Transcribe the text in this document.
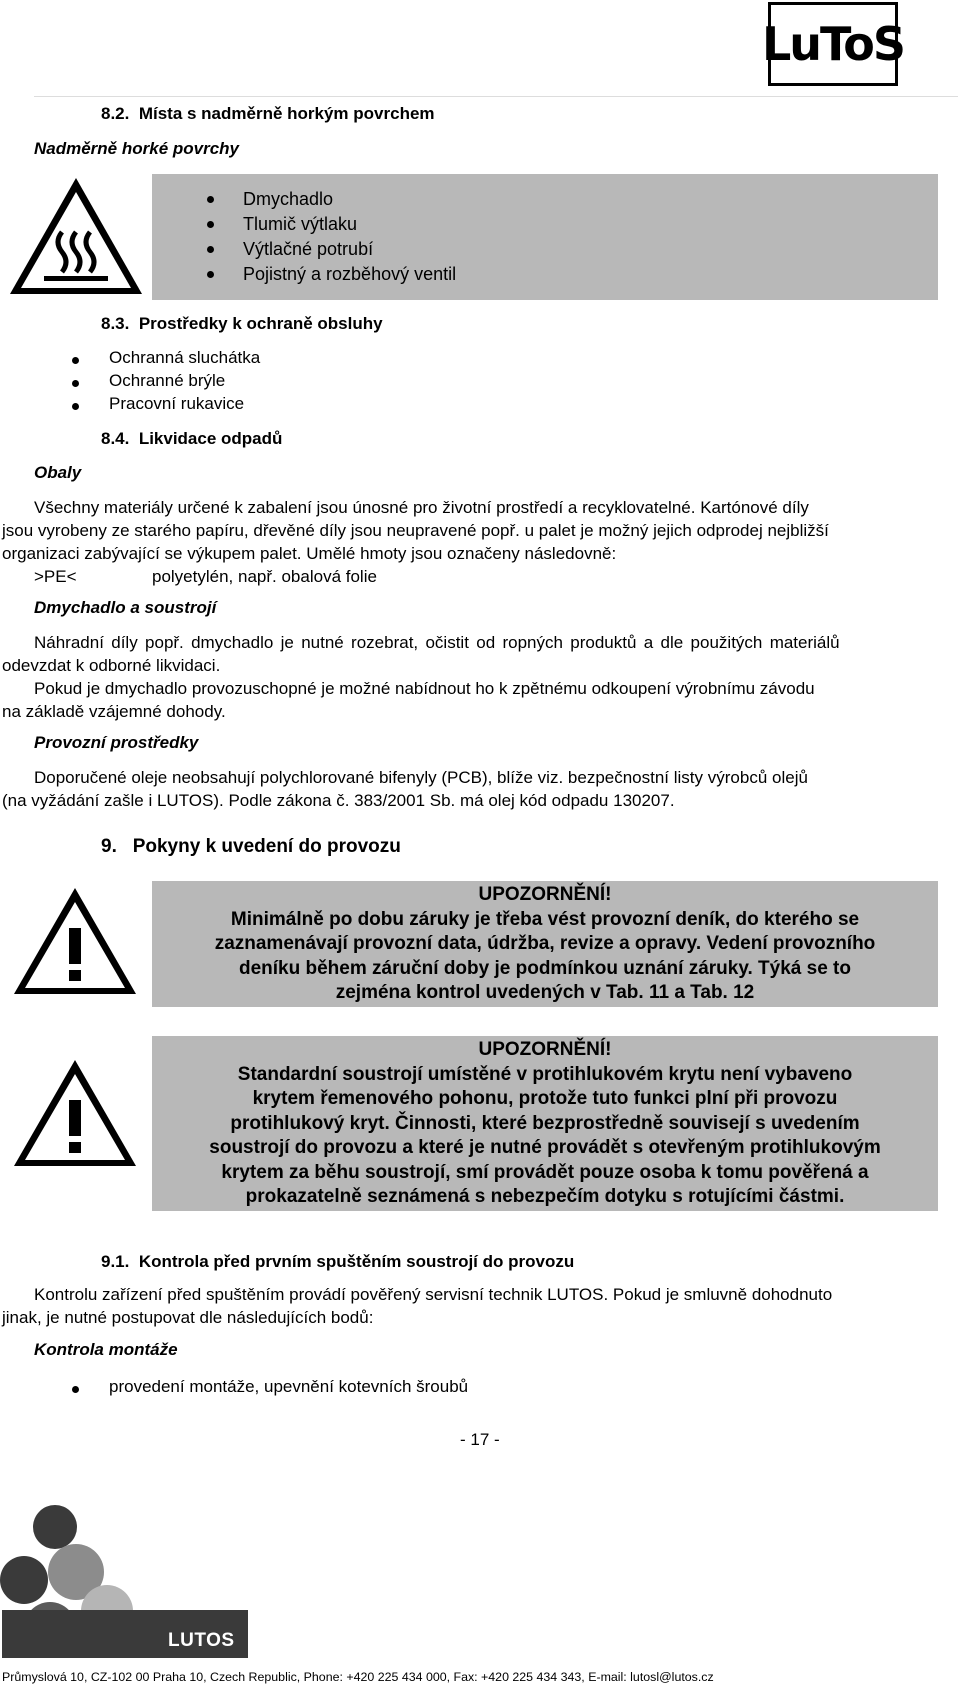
LuToS
8.2. Místa s nadměrně horkým povrchem
Nadměrně horké povrchy
Dmychadlo
Tlumič výtlaku
Výtlačné potrubí
Pojistný a rozběhový ventil
8.3. Prostředky k ochraně obsluhy
Ochranná sluchátka
Ochranné brýle
Pracovní rukavice
8.4. Likvidace odpadů
Obaly
Všechny materiály určené k zabalení jsou únosné pro životní prostředí a recyklovatelné. Kartónové díly
jsou vyrobeny ze starého papíru, dřevěné díly jsou neupravené popř. u palet je možný jejich odprodej nejbližší
organizaci zabývající se výkupem palet. Umělé hmoty jsou označeny následovně:
>PE<	polyetylén, např. obalová folie
Dmychadlo a soustrojí
Náhradní díly popř. dmychadlo je nutné rozebrat, očistit od ropných produktů a dle použitých materiálů
odevzdat k odborné likvidaci.
Pokud je dmychadlo provozuschopné je možné nabídnout ho k zpětnému odkoupení výrobnímu závodu
na základě vzájemné dohody.
Provozní prostředky
Doporučené oleje neobsahují polychlorované bifenyly (PCB), blíže viz. bezpečnostní listy výrobců olejů
(na vyžádání zašle i LUTOS). Podle zákona č. 383/2001 Sb. má olej kód odpadu 130207.
9. Pokyny k uvedení do provozu
UPOZORNĚNÍ!
Minimálně po dobu záruky je třeba vést provozní deník, do kterého se
zaznamenávají provozní data, údržba, revize a opravy. Vedení provozního
deníku během záruční doby je podmínkou uznání záruky. Týká se to
zejména kontrol uvedených v Tab. 11 a Tab. 12
UPOZORNĚNÍ!
Standardní soustrojí umístěné v protihlukovém krytu není vybaveno
krytem řemenového pohonu, protože tuto funkci plní při provozu
protihlukový kryt. Činnosti, které bezprostředně souvisejí s uvedením
soustrojí do provozu a které je nutné provádět s otevřeným protihlukovým
krytem za běhu soustrojí, smí provádět pouze osoba k tomu pověřená a
prokazatelně seznámená s nebezpečím dotyku s rotujícími částmi.
9.1. Kontrola před prvním spuštěním soustrojí do provozu
Kontrolu zařízení před spuštěním provádí pověřený servisní technik LUTOS. Pokud je smluvně dohodnuto
jinak, je nutné postupovat dle následujících bodů:
Kontrola montáže
provedení montáže, upevnění kotevních šroubů
- 17 -
LUTOS
Průmyslová 10, CZ-102 00 Praha 10, Czech Republic, Phone: +420 225 434 000, Fax: +420 225 434 343, E-mail: lutosl@lutos.cz
